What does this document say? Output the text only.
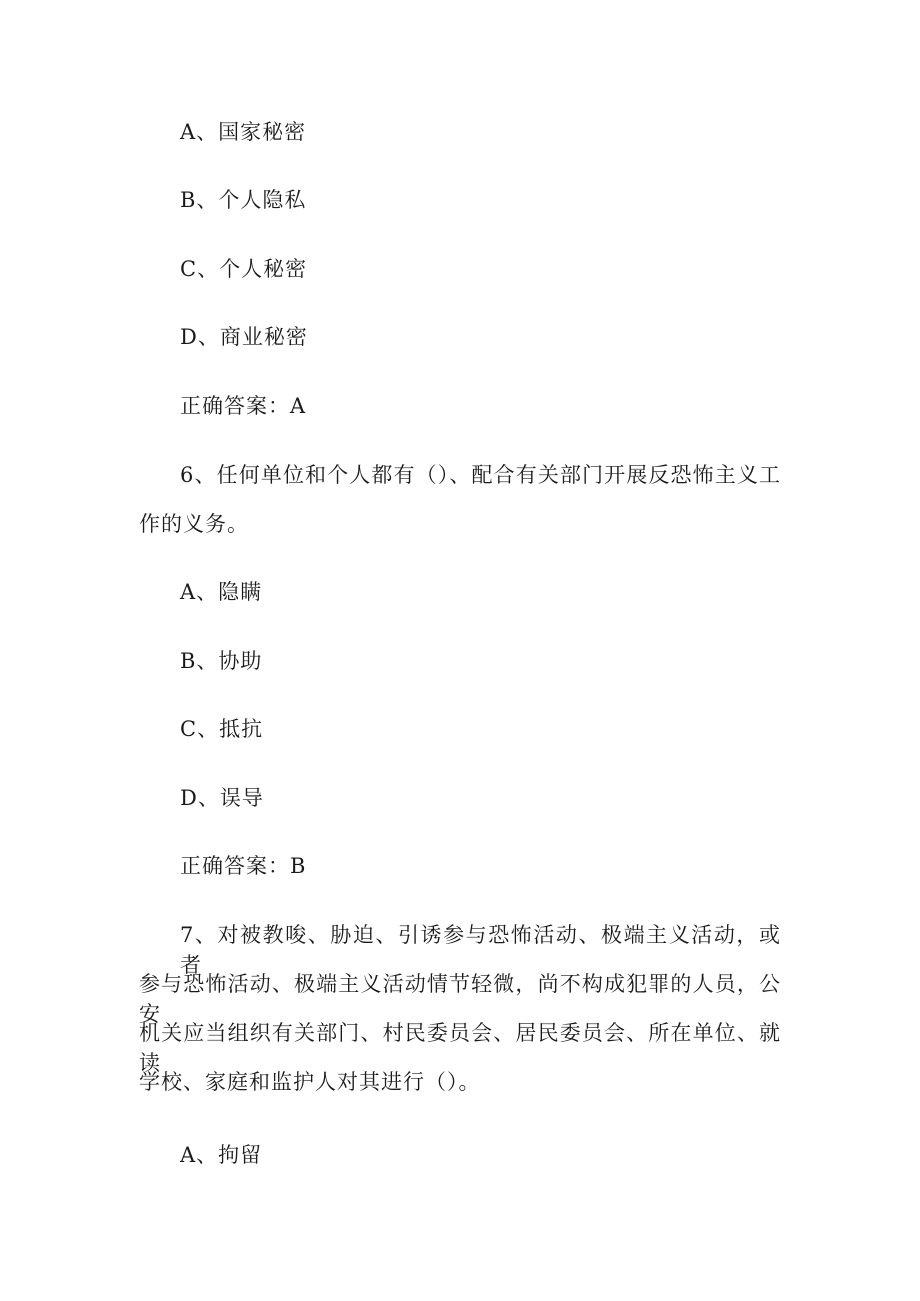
A、国家秘密
B、个人隐私
C、个人秘密
D、商业秘密
正确答案：A
6、任何单位和个人都有（）、配合有关部门开展反恐怖主义工
作的义务。
A、隐瞒
B、协助
C、抵抗
D、误导
正确答案：B
7、对被教唆、胁迫、引诱参与恐怖活动、极端主义活动，或者
参与恐怖活动、极端主义活动情节轻微，尚不构成犯罪的人员，公安
机关应当组织有关部门、村民委员会、居民委员会、所在单位、就读
学校、家庭和监护人对其进行（）。
A、拘留
